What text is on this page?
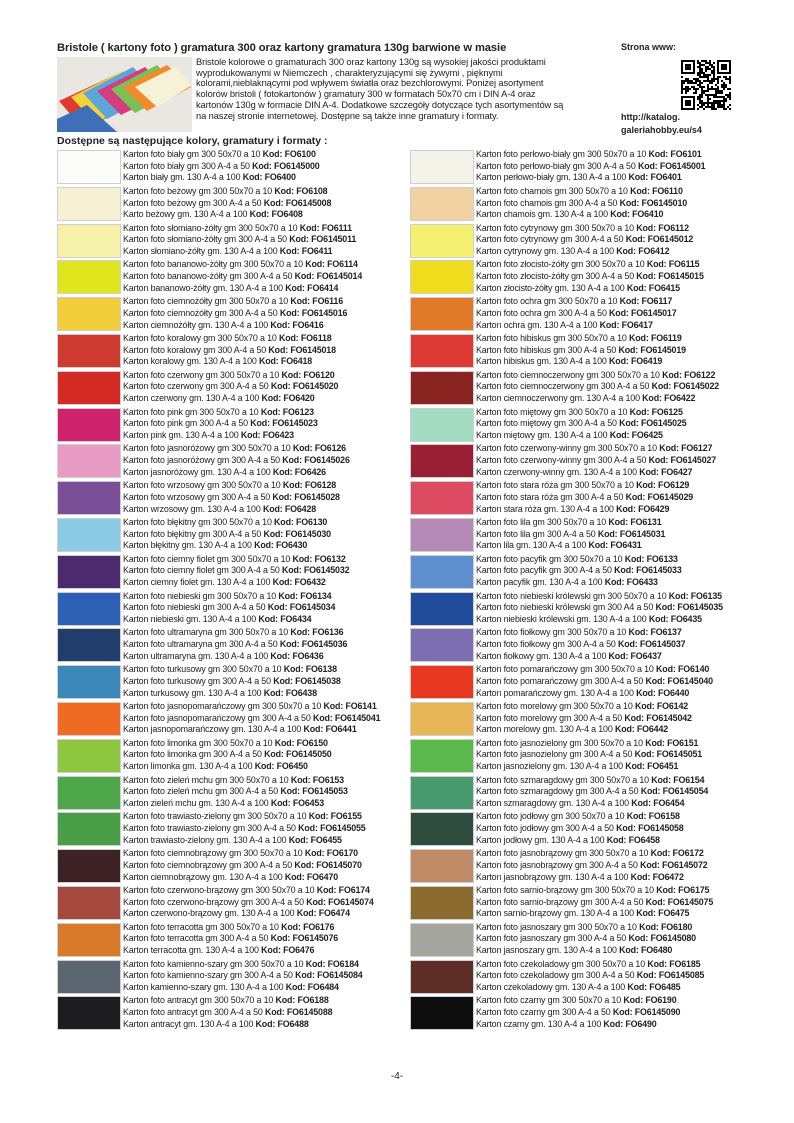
Bristole ( kartony foto ) gramatura 300 oraz kartony gramatura 130g barwione w masie
Bristole kolorowe o gramaturach 300 oraz kartony 130g są wysokiej jakości produktami
wyprodukowanymi w Niemczech , charakteryzującymi się żywymi , pięknymi
kolorami,nieblaknącymi pod wpływem światła oraz bezchlorowymi. Poniżej asortyment
kolorów bristoli ( fotokartonów ) gramatury 300 w formatach 50x70 cm i DIN A-4 oraz
kartonów 130g w formacie DIN A-4. Dodatkowe szczegóły dotyczące tych asortymentów są
na naszej stronie internetowej. Dostępne są także inne gramatury i formaty.
Dostępne są następujące kolory, gramatury i formaty :
Strona www:
http://katalog.
galeriahobby.eu/s4
Karton foto biały gm 300 50x70 a 10 Kod: FO6100
Karton foto biały gm 300 A-4 a 50 Kod: FO6145000
Karton biały gm. 130 A-4 a 100 Kod: FO6400
Karton foto beżowy gm 300 50x70 a 10 Kod: FO6108
Karton foto beżowy gm 300 A-4 a 50 Kod: FO6145008
Karto beżowy gm. 130 A-4 a 100 Kod: FO6408
Karton foto słomiano-żółty gm 300 50x70 a 10 Kod: FO6111
Karton foto słomiano-żółty gm 300 A-4 a 50 Kod: FO6145011
Karton słomiano-żółty gm. 130 A-4 a 100 Kod: FO6411
Karton foto bananowo-żółty gm 300 50x70 a 10 Kod: FO6114
Karton foto bananowo-żółty gm 300 A-4 a 50 Kod: FO6145014
Karton bananowo-żółty gm. 130 A-4 a 100 Kod: FO6414
Karton foto ciemnożółty gm 300 50x70 a 10 Kod: FO6116
Karton foto ciemnożółty gm 300 A-4 a 50 Kod: FO6145016
Karton ciemnożółty gm. 130 A-4 a 100 Kod: FO6416
Karton foto koralowy gm 300 50x70 a 10 Kod: FO6118
Karton foto koralowy gm 300 A-4 a 50 Kod: FO6145018
Karton koralowy gm. 130 A-4 a 100 Kod: FO6418
Karton foto czerwony gm 300 50x70 a 10 Kod: FO6120
Karton foto czerwony gm 300 A-4 a 50 Kod: FO6145020
Karton czerwony gm. 130 A-4 a 100 Kod: FO6420
Karton foto pink gm 300 50x70 a 10 Kod: FO6123
Karton foto pink gm 300 A-4 a 50 Kod: FO6145023
Karton pink gm. 130 A-4 a 100 Kod: FO6423
Karton foto jasnoróżowy gm 300 50x70 a 10 Kod: FO6126
Karton foto jasnoróżowy gm 300 A-4 a 50 Kod: FO6145026
Karton jasnoróżowy gm. 130 A-4 a 100 Kod: FO6426
Karton foto wrzosowy gm 300 50x70 a 10 Kod: FO6128
Karton foto wrzosowy gm 300 A-4 a 50 Kod: FO6145028
Karton wrzosowy gm. 130 A-4 a 100 Kod: FO6428
Karton foto błękitny gm 300 50x70 a 10 Kod: FO6130
Karton foto błękitny gm 300 A-4 a 50 Kod: FO6145030
Karton błękitny gm. 130 A-4 a 100 Kod: FO6430
Karton foto ciemny fiolet gm 300 50x70 a 10 Kod: FO6132
Karton foto ciemny fiolet gm 300 A-4 a 50 Kod: FO6145032
Karton ciemny fiolet gm. 130 A-4 a 100 Kod: FO6432
Karton foto niebieski gm 300 50x70 a 10 Kod: FO6134
Karton foto niebieski gm 300 A-4 a 50 Kod: FO6145034
Karton niebieski gm. 130 A-4 a 100 Kod: FO6434
Karton foto ultramaryna gm 300 50x70 a 10 Kod: FO6136
Karton foto ultramaryna gm 300 A-4 a 50 Kod: FO6145036
Karton ultramaryna gm. 130 A-4 a 100 Kod: FO6436
Karton foto turkusowy gm 300 50x70 a 10 Kod: FO6138
Karton foto turkusowy gm 300 A-4 a 50 Kod: FO6145038
Karton turkusowy gm. 130 A-4 a 100 Kod: FO6438
Karton foto jasnopomarańczowy gm 300 50x70 a 10 Kod: FO6141
Karton foto jasnopomarańczowy gm 300 A-4 a 50 Kod: FO6145041
Karton jasnopomarańczowy gm. 130 A-4 a 100 Kod: FO6441
Karton foto limonka gm 300 50x70 a 10 Kod: FO6150
Karton foto limonka gm 300 A-4 a 50 Kod: FO6145050
Karton limonka gm. 130 A-4 a 100 Kod: FO6450
Karton foto zieleń mchu gm 300 50x70 a 10 Kod: FO6153
Karton foto zieleń mchu gm 300 A-4 a 50 Kod: FO6145053
Karton zieleń mchu gm. 130 A-4 a 100 Kod: FO6453
Karton foto trawiasto-zielony gm 300 50x70 a 10 Kod: FO6155
Karton foto trawiasto-zielony gm 300 A-4 a 50 Kod: FO6145055
Karton trawiasto-zielony gm. 130 A-4 a 100 Kod: FO6455
Karton foto ciemnobrązowy gm 300 50x70 a 10 Kod: FO6170
Karton foto ciemnobrązowy gm 300 A-4 a 50 Kod: FO6145070
Karton ciemnobrązowy gm. 130 A-4 a 100 Kod: FO6470
Karton foto czerwono-brązowy gm 300 50x70 a 10 Kod: FO6174
Karton foto czerwono-brązowy gm 300 A-4 a 50 Kod: FO6145074
Karton czerwono-brązowy gm. 130 A-4 a 100 Kod: FO6474
Karton foto terracotta gm 300 50x70 a 10 Kod: FO6176
Karton foto terracotta gm 300 A-4 a 50 Kod: FO6145076
Karton terracotta gm. 130 A-4 a 100 Kod: FO6476
Karton foto kamienno-szary gm 300 50x70 a 10 Kod: FO6184
Karton foto kamienno-szary gm 300 A-4 a 50 Kod: FO6145084
Karton kamienno-szary gm. 130 A-4 a 100 Kod: FO6484
Karton foto antracyt gm 300 50x70 a 10 Kod: FO6188
Karton foto antracyt gm 300 A-4 a 50 Kod: FO6145088
Karton antracyt gm. 130 A-4 a 100 Kod: FO6488
Karton foto perłowo-biały gm 300 50x70 a 10 Kod: FO6101
Karton foto perłowo-biały gm 300 A-4 a 50 Kod: FO6145001
Karton perłowo-biały gm. 130 A-4 a 100 Kod: FO6401
Karton foto chamois gm 300 50x70 a 10 Kod: FO6110
Karton foto chamois gm 300 A-4 a 50 Kod: FO6145010
Karton chamois gm. 130 A-4 a 100 Kod: FO6410
Karton foto cytrynowy gm 300 50x70 a 10 Kod: FO6112
Karton foto cytrynowy gm 300 A-4 a 50 Kod: FO6145012
Karton cytrynowy gm. 130 A-4 a 100 Kod: FO6412
Karton foto złocisto-żółty gm 300 50x70 a 10 Kod: FO6115
Karton foto złocisto-żółty gm 300 A-4 a 50 Kod: FO6145015
Karton złocisto-żółty gm. 130 A-4 a 100 Kod: FO6415
Karton foto ochra gm 300 50x70 a 10 Kod: FO6117
Karton foto ochra gm 300 A-4 a 50 Kod: FO6145017
Karton ochra gm. 130 A-4 a 100 Kod: FO6417
Karton foto hibiskus gm 300 50x70 a 10 Kod: FO6119
Karton foto hibiskus gm 300 A-4 a 50 Kod: FO6145019
Karton hibiskus gm. 130 A-4 a 100 Kod: FO6419
Karton foto ciemnoczerwony gm 300 50x70 a 10 Kod: FO6122
Karton foto ciemnoczerwony gm 300 A-4 a 50 Kod: FO6145022
Karton ciemnoczerwony gm. 130 A-4 a 100 Kod: FO6422
Karton foto miętowy gm 300 50x70 a 10 Kod: FO6125
Karton foto miętowy gm 300 A-4 a 50 Kod: FO6145025
Karton miętowy gm. 130 A-4 a 100 Kod: FO6425
Karton foto czerwony-winny gm 300 50x70 a 10 Kod: FO6127
Karton foto czerwony-winny gm 300 A-4 a 50 Kod: FO6145027
Karton czerwony-winny gm. 130 A-4 a 100 Kod: FO6427
Karton foto stara róża gm 300 50x70 a 10 Kod: FO6129
Karton foto stara róża gm 300 A-4 a 50 Kod: FO6145029
Karton stara róża gm. 130 A-4 a 100 Kod: FO6429
Karton foto lila gm 300 50x70 a 10 Kod: FO6131
Karton foto lila gm 300 A-4 a 50 Kod: FO6145031
Karton lila gm. 130 A-4 a 100 Kod: FO6431
Karton foto pacyfik gm 300 50x70 a 10 Kod: FO6133
Karton foto pacyfik gm 300 A-4 a 50 Kod: FO6145033
Karton pacyfik gm. 130 A-4 a 100 Kod: FO6433
Karton foto niebieski królewski gm 300 50x70 a 10 Kod: FO6135
Karton foto niebieski królewski gm 300 A4 a 50 Kod: FO6145035
Karton niebieski królewski gm. 130 A-4 a 100 Kod: FO6435
Karton foto fiołkowy gm 300 50x70 a 10 Kod: FO6137
Karton foto fiołkowy gm 300 A-4 a 50 Kod: FO6145037
Karton fiołkowy gm. 130 A-4 a 100 Kod: FO6437
Karton foto pomarańczowy gm 300 50x70 a 10 Kod: FO6140
Karton foto pomarańczowy gm 300 A-4 a 50 Kod: FO6145040
Karton pomarańczowy gm. 130 A-4 a 100 Kod: FO6440
Karton foto morelowy gm 300 50x70 a 10 Kod: FO6142
Karton foto morelowy gm 300 A-4 a 50 Kod: FO6145042
Karton morelowy gm. 130 A-4 a 100 Kod: FO6442
Karton foto jasnozielony gm 300 50x70 a 10 Kod: FO6151
Karton foto jasnozielony gm 300 A-4 a 50 Kod: FO6145051
Karton jasnozielony gm. 130 A-4 a 100 Kod: FO6451
Karton foto szmaragdowy gm 300 50x70 a 10 Kod: FO6154
Karton foto szmaragdowy gm 300 A-4 a 50 Kod: FO6145054
Karton szmaragdowy gm. 130 A-4 a 100 Kod: FO6454
Karton foto jodłowy gm 300 50x70 a 10 Kod: FO6158
Karton foto jodłowy gm 300 A-4 a 50 Kod: FO6145058
Karton jodłowy gm. 130 A-4 a 100 Kod: FO6458
Karton foto jasnobrązowy gm 300 50x70 a 10 Kod: FO6172
Karton foto jasnobrązowy gm 300 A-4 a 50 Kod: FO6145072
Karton jasnobrązowy gm. 130 A-4 a 100 Kod: FO6472
Karton foto sarnio-brązowy gm 300 50x70 a 10 Kod: FO6175
Karton foto sarnio-brązowy gm 300 A-4 a 50 Kod: FO6145075
Karton sarnio-brązowy gm. 130 A-4 a 100 Kod: FO6475
Karton foto jasnoszary gm 300 50x70 a 10 Kod: FO6180
Karton foto jasnoszary gm 300 A-4 a 50 Kod: FO6145080
Karton jasnoszary gm. 130 A-4 a 100 Kod: FO6480
Karton foto czekoladowy gm 300 50x70 a 10 Kod: FO6185
Karton foto czekoladowy gm 300 A-4 a 50 Kod: FO6145085
Karton czekoladowy gm. 130 A-4 a 100 Kod: FO6485
Karton foto czarny gm 300 50x70 a 10 Kod: FO6190
Karton foto czarny gm 300 A-4 a 50 Kod: FO6145090
Karton czarny gm. 130 A-4 a 100 Kod: FO6490
-4-
